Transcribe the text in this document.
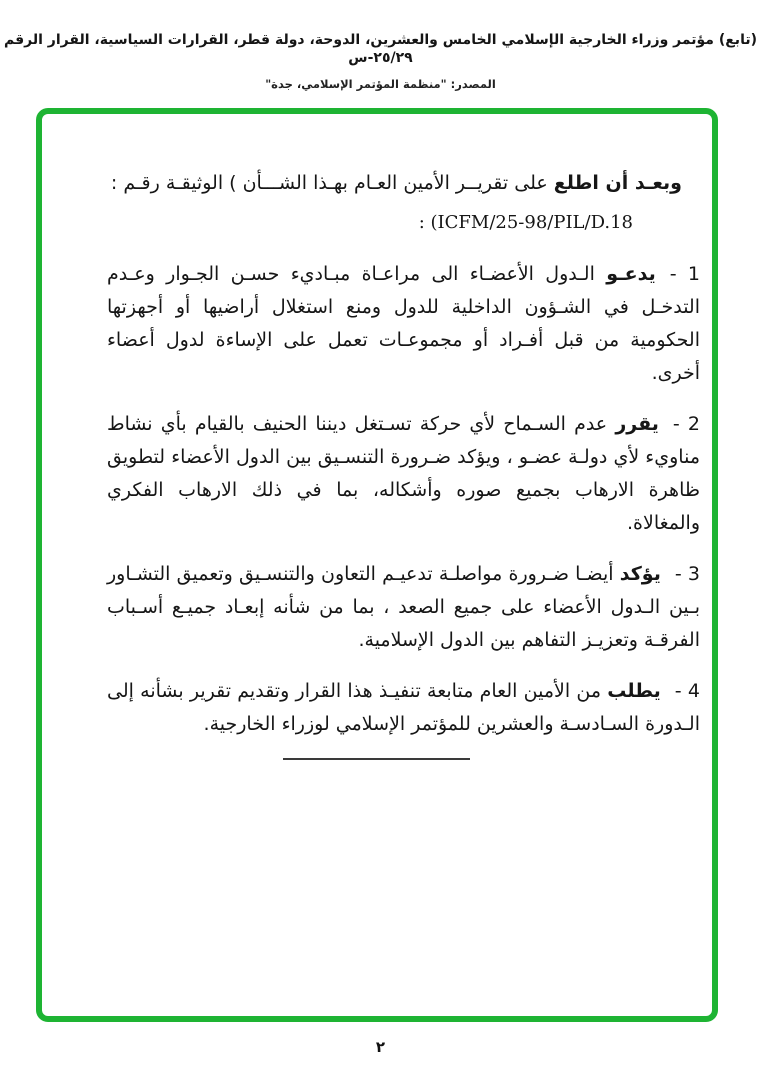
(تابع) مؤتمر وزراء الخارجية الإسلامي الخامس والعشرين، الدوحة، دولة قطر، القرارات السياسية، القرار الرقم ٢٥/٢٩-س
المصدر: "منظمة المؤتمر الإسلامي، جدة"

وبعـد أن اطلع على تقريــر الأمين العـام بهـذا الشـــأن ) الوثيقـة رقـم :

: (ICFM/25-98/PIL/D.18

1 -يدعـو الـدول الأعضـاء الى مراعـاة مبـاديء حسـن الجـوار وعـدم التدخـل في الشـؤون الداخلية للدول ومنع استغلال أراضيها أو أجهزتها الحكومية من قبل أفـراد أو مجموعـات تعمل على الإساءة لدول أعضاء أخرى.

2 -يقرر عدم السـماح لأي حركة تسـتغل ديننا الحنيف بالقيام بأي نشاط مناويء لأي دولـة عضـو ، ويؤكد ضـرورة التنسـيق بين الدول الأعضاء لتطويق ظاهرة الارهاب بجميع صوره وأشكاله، بما في ذلك الارهاب الفكري والمغالاة.

3 -يؤكد أيضـا ضـرورة مواصلـة تدعيـم التعاون والتنسـيق وتعميق التشـاور بـين الـدول الأعضاء على جميع الصعد ، بما من شأنه إبعـاد جميـع أسـباب الفرقـة وتعزيـز التفاهم بين الدول الإسلامية.

4 -يطلب من الأمين العام متابعة تنفيـذ هذا القرار وتقديم تقرير بشأنه إلى الـدورة السـادسـة والعشرين للمؤتمر الإسلامي لوزراء الخارجية.

٢
